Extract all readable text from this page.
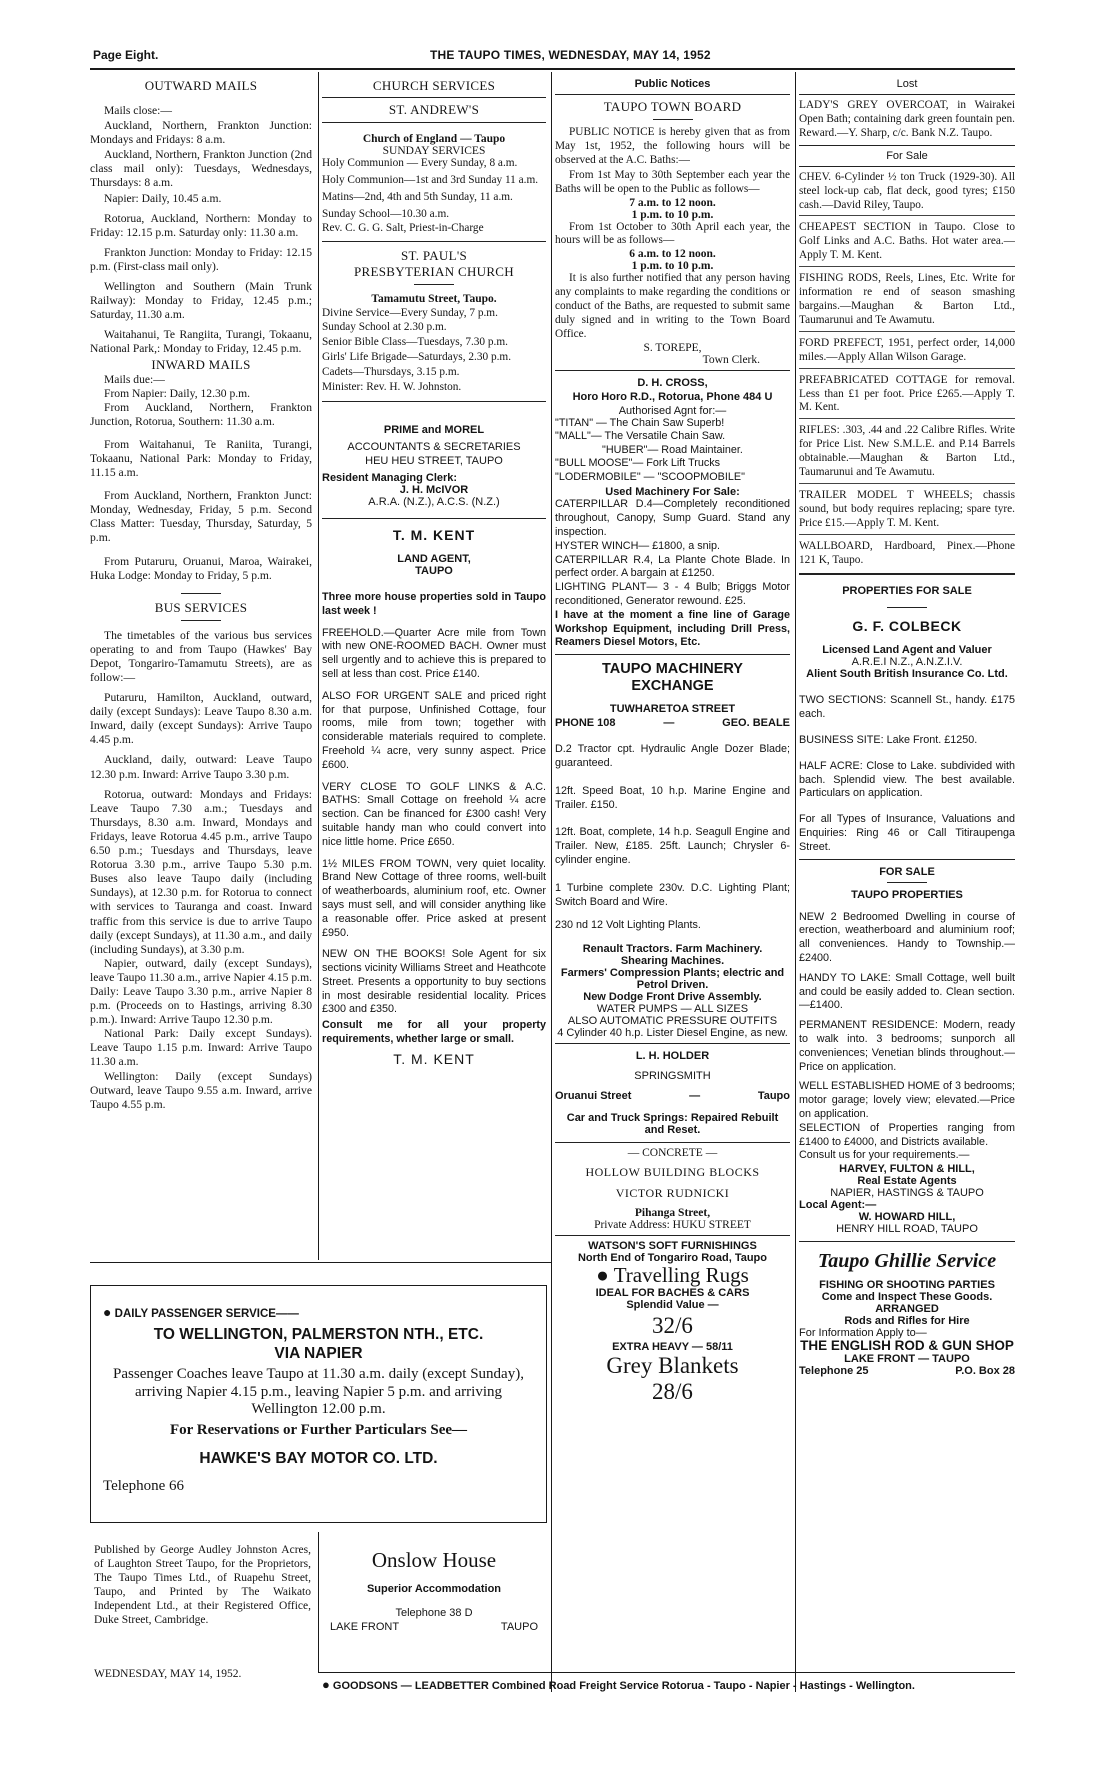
Page Eight.	THE TAUPO TIMES, WEDNESDAY, MAY 14, 1952
OUTWARD MAILS

Mails close:—

Auckland, Northern, Frankton Junction: Mondays and Fridays: 8 a.m.

Auckland, Northern, Frankton Junction (2nd class mail only): Tuesdays, Wednesdays, Thursdays: 8 a.m.

Napier: Daily, 10.45 a.m.

Rotorua, Auckland, Northern: Monday to Friday: 12.15 p.m. Saturday only: 11.30 a.m.

Frankton Junction: Monday to Friday: 12.15 p.m. (First-class mail only).

Wellington and Southern (Main Trunk Railway): Monday to Friday, 12.45 p.m.; Saturday, 11.30 a.m.

Waitahanui, Te Rangiita, Turangi, Tokaanu, National Park,: Monday to Friday, 12.45 p.m.

INWARD MAILS

Mails due:—

From Napier: Daily, 12.30 p.m.

From Auckland, Northern, Frankton Junction, Rotorua, Southern: 11.30 a.m.

From Waitahanui, Te Raniita, Turangi, Tokaanu, National Park: Monday to Friday, 11.15 a.m.

From Auckland, Northern, Frankton Junct: Monday, Wednesday, Friday, 5 p.m. Second Class Matter: Tuesday, Thursday, Saturday, 5 p.m.

From Putaruru, Oruanui, Maroa, Wairakei, Huka Lodge: Monday to Friday, 5 p.m.

BUS SERVICES

The timetables of the various bus services operating to and from Taupo (Hawkes' Bay Depot, Tongariro-Tamamutu Streets), are as follow:—

Putaruru, Hamilton, Auckland, outward, daily (except Sundays): Leave Taupo 8.30 a.m. Inward, daily (except Sundays): Arrive Taupo 4.45 p.m.

Auckland, daily, outward: Leave Taupo 12.30 p.m. Inward: Arrive Taupo 3.30 p.m.

Rotorua, outward: Mondays and Fridays: Leave Taupo 7.30 a.m.; Tuesdays and Thursdays, 8.30 a.m. Inward, Mondays and Fridays, leave Rotorua 4.45 p.m., arrive Taupo 6.50 p.m.; Tuesdays and Thursdays, leave Rotorua 3.30 p.m., arrive Taupo 5.30 p.m. Buses also leave Taupo daily (including Sundays), at 12.30 p.m. for Rotorua to connect with services to Tauranga and coast. Inward traffic from this service is due to arrive Taupo daily (except Sundays), at 11.30 a.m., and daily (including Sundays), at 3.30 p.m.

Napier, outward, daily (except Sundays), leave Taupo 11.30 a.m., arrive Napier 4.15 p.m. Daily: Leave Taupo 3.30 p.m., arrive Napier 8 p.m. (Proceeds on to Hastings, arriving 8.30 p.m.). Inward: Arrive Taupo 12.30 p.m.

National Park: Daily except Sundays). Leave Taupo 1.15 p.m. Inward: Arrive Taupo 11.30 a.m.

Wellington: Daily (except Sundays) Outward, leave Taupo 9.55 a.m. Inward, arrive Taupo 4.55 p.m.

CHURCH SERVICES
ST. ANDREW'S
Church of England — Taupo
SUNDAY SERVICES

Holy Communion — Every Sunday, 8 a.m.

Holy Communion—1st and 3rd Sunday 11 a.m.

Matins—2nd, 4th and 5th Sunday, 11 a.m.

Sunday School—10.30 a.m.

Rev. C. G. G. Salt, Priest-in-Charge

ST. PAUL'S PRESBYTERIAN CHURCH
Tamamutu Street, Taupo.

Divine Service—Every Sunday, 7 p.m.

Sunday School at 2.30 p.m.

Senior Bible Class—Tuesdays, 7.30 p.m.

Girls' Life Brigade—Saturdays, 2.30 p.m.

Cadets—Thursdays, 3.15 p.m.

Minister: Rev. H. W. Johnston.

PRIME and MOREL
ACCOUNTANTS & SECRETARIES
HEU HEU STREET, TAUPO
Resident Managing Clerk:
J. H. McIVOR
A.R.A. (N.Z.), A.C.S. (N.Z.)
T. M. KENT
LAND AGENT, TAUPO

Three more house properties sold in Taupo last week !

FREEHOLD.—Quarter Acre mile from Town with new ONE-ROOMED BACH. Owner must sell urgently and to achieve this is prepared to sell at less than cost. Price £140.

ALSO FOR URGENT SALE and priced right for that purpose, Unfinished Cottage, four rooms, mile from town; together with considerable materials required to complete. Freehold ¼ acre, very sunny aspect. Price £600.

VERY CLOSE TO GOLF LINKS & A.C. BATHS: Small Cottage on freehold ¼ acre section. Can be financed for £300 cash! Very suitable handy man who could convert into nice little home. Price £650.

1½ MILES FROM TOWN, very quiet locality. Brand New Cottage of three rooms, well-built of weatherboards, aluminium roof, etc. Owner says must sell, and will consider anything like a reasonable offer. Price asked at present £950.

NEW ON THE BOOKS! Sole Agent for six sections vicinity Williams Street and Heathcote Street. Presents a opportunity to buy sections in most desirable residential locality. Prices £300 and £350.

Consult me for all your property requirements, whether large or small.

T. M. KENT
Public Notices
TAUPO TOWN BOARD

PUBLIC NOTICE is hereby given that as from May 1st, 1952, the following hours will be observed at the A.C. Baths:—

From 1st May to 30th September each year the Baths will be open to the Public as follows—

7 a.m. to 12 noon.
1 p.m. to 10 p.m.

From 1st October to 30th April each year, the hours will be as follows—

6 a.m. to 12 noon.
1 p.m. to 10 p.m.

It is also further notified that any person having any complaints to make regarding the conditions or conduct of the Baths, are requested to submit same duly signed and in writing to the Town Board Office.

S. TOREPE,
Town Clerk.
D. H. CROSS,
Horo Horo R.D., Rotorua, Phone 484 U
Authorised Agnt for:—
"TITAN" — The Chain Saw Superb!
"MALL"— The Versatile Chain Saw.
"HUBER"— Road Maintainer.
"BULL MOOSE"— Fork Lift Trucks
"LODERMOBILE" — "SCOOPMOBILE"
Used Machinery For Sale:

CATERPILLAR D.4—Completely reconditioned throughout, Canopy, Sump Guard. Stand any inspection.

HYSTER WINCH— £1800, a snip.

CATERPILLAR R.4, La Plante Chote Blade. In perfect order. A bargain at £1250.

LIGHTING PLANT— 3 - 4 Bulb; Briggs Motor reconditioned, Generator rewound. £25.

I have at the moment a fine line of Garage Workshop Equipment, including Drill Press, Reamers Diesel Motors, Etc.

TAUPO MACHINERY EXCHANGE
TUWHARETOA STREET
PHONE 108	—	GEO. BEALE

D.2 Tractor cpt. Hydraulic Angle Dozer Blade; guaranteed.

12ft. Speed Boat, 10 h.p. Marine Engine and Trailer. £150.

12ft. Boat, complete, 14 h.p. Seagull Engine and Trailer. New, £185. 25ft. Launch; Chrysler 6-cylinder engine.

1 Turbine complete 230v. D.C. Lighting Plant; Switch Board and Wire.

230 nd 12 Volt Lighting Plants.

Renault Tractors. Farm Machinery. Shearing Machines.
Farmers' Compression Plants; electric and Petrol Driven.
New Dodge Front Drive Assembly.
WATER PUMPS — ALL SIZES
ALSO AUTOMATIC PRESSURE OUTFITS
4 Cylinder 40 h.p. Lister Diesel Engine, as new.
L. H. HOLDER
SPRINGSMITH
Oruanui Street	—	Taupo
Car and Truck Springs: Repaired Rebuilt and Reset.
— CONCRETE —
HOLLOW BUILDING BLOCKS
VICTOR RUDNICKI
Pihanga Street,
Private Address: HUKU STREET
WATSON'S SOFT FURNISHINGS
North End of Tongariro Road, Taupo
● Travelling Rugs
IDEAL FOR BACHES & CARS
Splendid Value —
32/6
EXTRA HEAVY — 58/11
Grey Blankets
28/6
Lost

LADY'S GREY OVERCOAT, in Wairakei Open Bath; containing dark green fountain pen. Reward.—Y. Sharp, c/c. Bank N.Z. Taupo.

For Sale

CHEV. 6-Cylinder ½ ton Truck (1929-30). All steel lock-up cab, flat deck, good tyres; £150 cash.—David Riley, Taupo.

CHEAPEST SECTION in Taupo. Close to Golf Links and A.C. Baths. Hot water area.—Apply T. M. Kent.

FISHING RODS, Reels, Lines, Etc. Write for information re end of season smashing bargains.—Maughan & Barton Ltd., Taumarunui and Te Awamutu.

FORD PREFECT, 1951, perfect order, 14,000 miles.—Apply Allan Wilson Garage.

PREFABRICATED COTTAGE for removal. Less than £1 per foot. Price £265.—Apply T. M. Kent.

RIFLES: .303, .44 and .22 Calibre Rifles. Write for Price List. New S.M.L.E. and P.14 Barrels obtainable.—Maughan & Barton Ltd., Taumarunui and Te Awamutu.

TRAILER MODEL T WHEELS; chassis sound, but body requires replacing; spare tyre. Price £15.—Apply T. M. Kent.

WALLBOARD, Hardboard, Pinex.—Phone 121 K, Taupo.

PROPERTIES FOR SALE
G. F. COLBECK
Licensed Land Agent and Valuer
A.R.E.I N.Z., A.N.Z.I.V.
Alient South British Insurance Co. Ltd.

TWO SECTIONS: Scannell St., handy. £175 each.

BUSINESS SITE: Lake Front. £1250.

HALF ACRE: Close to Lake. subdivided with bach. Splendid view. The best available. Particulars on application.

For all Types of Insurance, Valuations and Enquiries: Ring 46 or Call Titiraupenga Street.

FOR SALE
TAUPO PROPERTIES

NEW 2 Bedroomed Dwelling in course of erection, weatherboard and aluminium roof; all conveniences. Handy to Township.—£2400.

HANDY TO LAKE: Small Cottage, well built and could be easily added to. Clean section.—£1400.

PERMANENT RESIDENCE: Modern, ready to walk into. 3 bedrooms; sunporch all conveniences; Venetian blinds throughout.—Price on application.

WELL ESTABLISHED HOME of 3 bedrooms; motor garage; lovely view; elevated.—Price on application.

SELECTION of Properties ranging from £1400 to £4000, and Districts available.

Consult us for your requirements.—

HARVEY, FULTON & HILL,
Real Estate Agents
NAPIER, HASTINGS & TAUPO
Local Agent:—
W. HOWARD HILL,
HENRY HILL ROAD, TAUPO
Taupo Ghillie Service
FISHING OR SHOOTING PARTIES
Come and Inspect These Goods.
ARRANGED
Rods and Rifles for Hire
For Information Apply to—
THE ENGLISH ROD & GUN SHOP
LAKE FRONT — TAUPO
Telephone 25	P.O. Box 28
● DAILY PASSENGER SERVICE——
TO WELLINGTON, PALMERSTON NTH., ETC.
VIA NAPIER
Passenger Coaches leave Taupo at 11.30 a.m. daily (except Sunday), arriving Napier 4.15 p.m., leaving Napier 5 p.m. and arriving Wellington 12.00 p.m.
For Reservations or Further Particulars See—
HAWKE'S BAY MOTOR CO. LTD.
Telephone 66
Published by George Audley Johnston Acres, of Laughton Street Taupo, for the Proprietors, The Taupo Times Ltd., of Ruapehu Street, Taupo, and Printed by The Waikato Independent Ltd., at their Registered Office, Duke Street, Cambridge.
WEDNESDAY, MAY 14, 1952.
Onslow House
Superior Accommodation
Telephone 38 D
LAKE FRONT	TAUPO
● GOODSONS — LEADBETTER Combined Road Freight Service Rotorua - Taupo - Napier - Hastings - Wellington.
